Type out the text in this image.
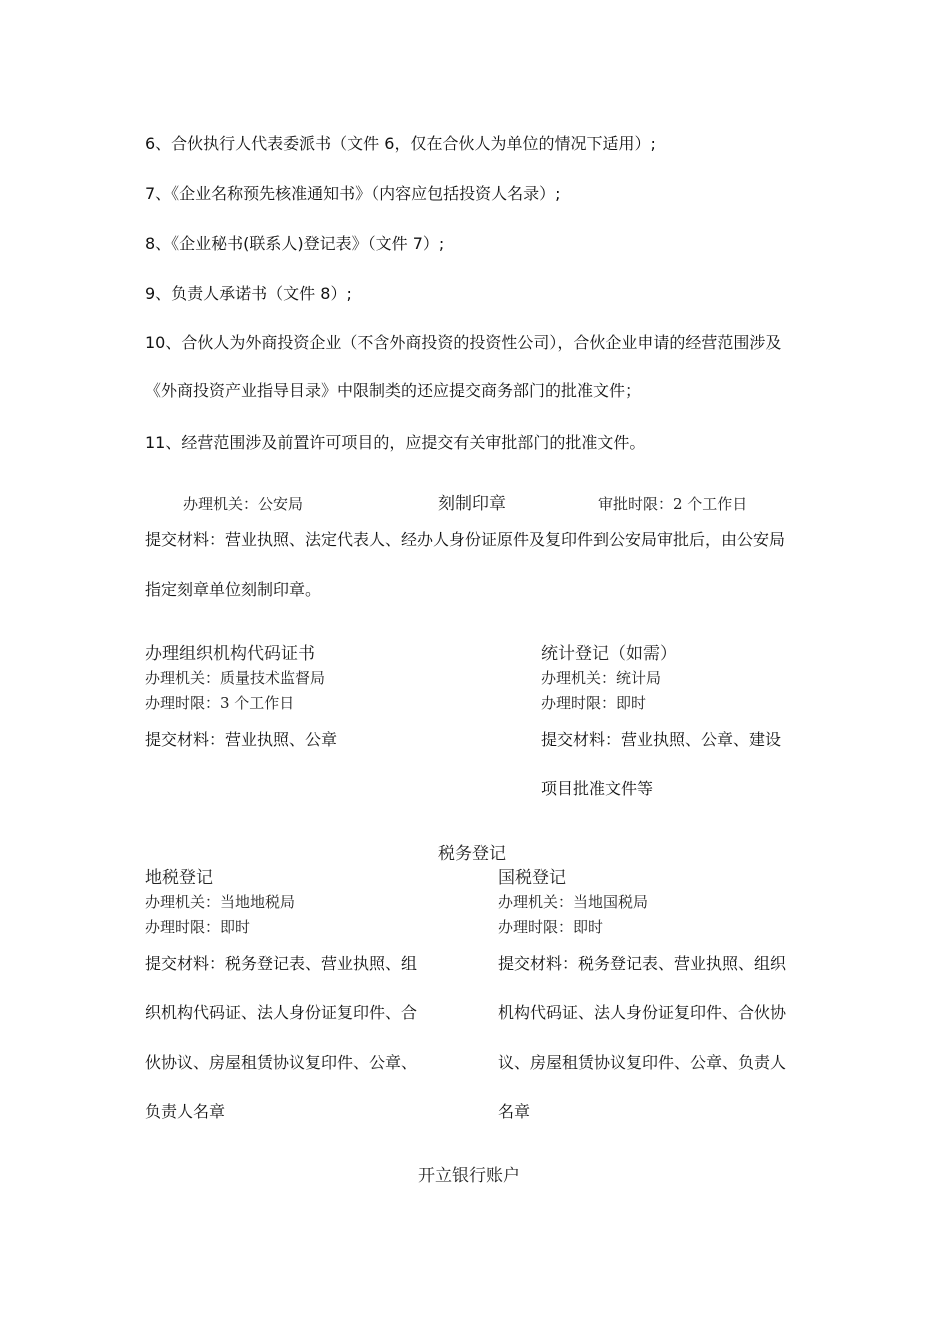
6、合伙执行人代表委派书（文件 6，仅在合伙人为单位的情况下适用）;
7、《企业名称预先核准通知书》（内容应包括投资人名录）;
8、《企业秘书(联系人)登记表》（文件 7）;
9、负责人承诺书（文件 8）;
10、合伙人为外商投资企业（不含外商投资的投资性公司），合伙企业申请的经营范围涉及
《外商投资产业指导目录》中限制类的还应提交商务部门的批准文件；
11、经营范围涉及前置许可项目的，应提交有关审批部门的批准文件。
办理机关：公安局	刻制印章	审批时限：2 个工作日
提交材料：营业执照、法定代表人、经办人身份证原件及复印件到公安局审批后，由公安局
指定刻章单位刻制印章。
办理组织机构代码证书
办理机关：质量技术监督局
办理时限：3 个工作日
提交材料：营业执照、公章
统计登记（如需）
办理机关：统计局
办理时限：即时
提交材料：营业执照、公章、建设
项目批准文件等
税务登记
地税登记
办理机关：当地地税局
办理时限：即时
提交材料：税务登记表、营业执照、组
织机构代码证、法人身份证复印件、合
伙协议、房屋租赁协议复印件、公章、
负责人名章
国税登记
办理机关：当地国税局
办理时限：即时
提交材料：税务登记表、营业执照、组织
机构代码证、法人身份证复印件、合伙协
议、房屋租赁协议复印件、公章、负责人
名章
开立银行账户
